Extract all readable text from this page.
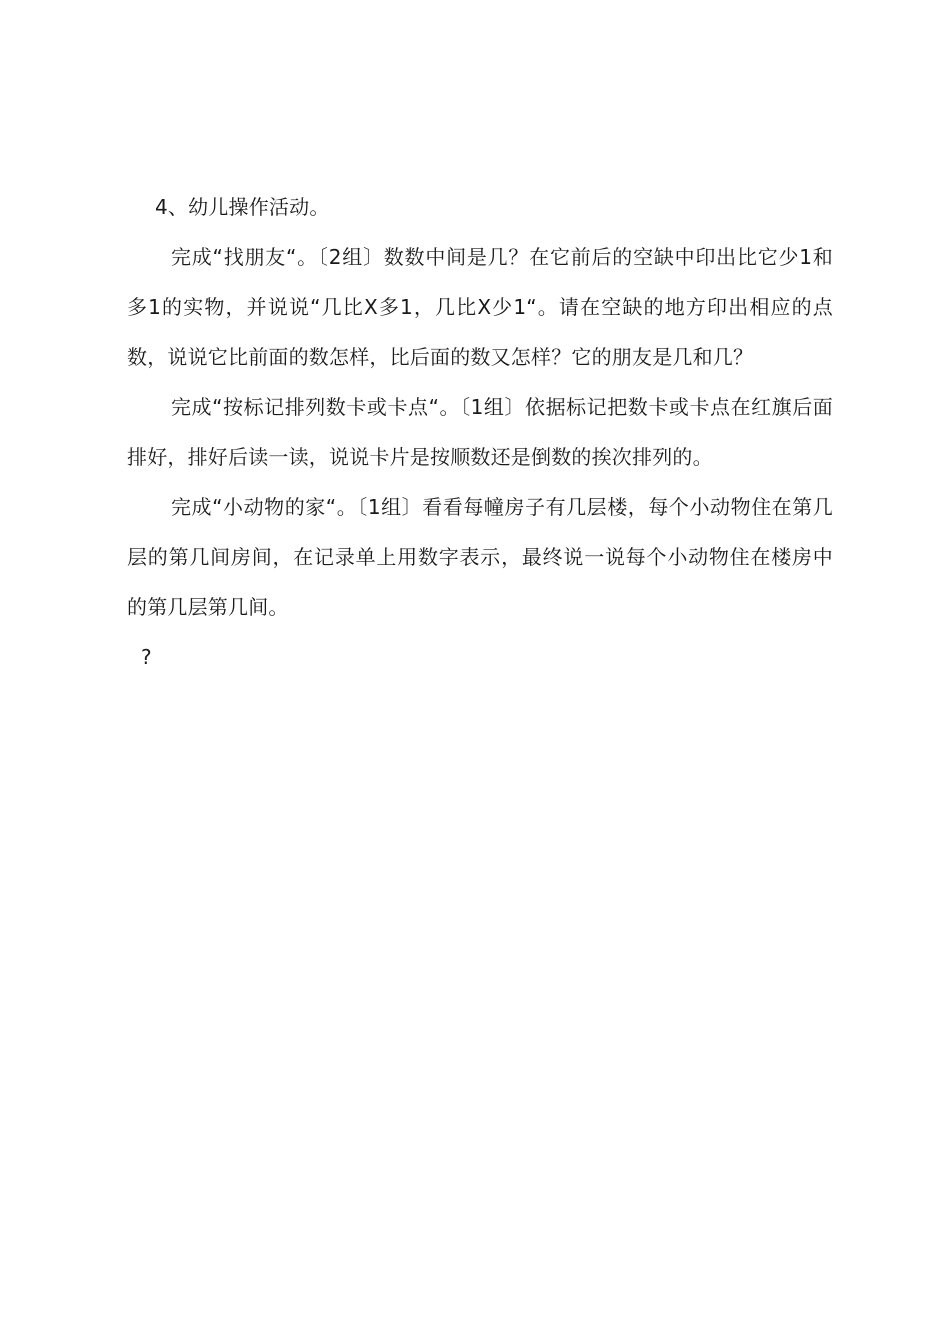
4、幼儿操作活动。

完成“找朋友“。〔2组〕数数中间是几？在它前后的空缺中印出比它少1和多1的实物，并说说“几比X多1，几比X少1“。请在空缺的地方印出相应的点数，说说它比前面的数怎样，比后面的数又怎样？它的朋友是几和几？

完成“按标记排列数卡或卡点“。〔1组〕依据标记把数卡或卡点在红旗后面排好，排好后读一读，说说卡片是按顺数还是倒数的挨次排列的。

完成“小动物的家“。〔1组〕看看每幢房子有几层楼，每个小动物住在第几层的第几间房间，在记录单上用数字表示，最终说一说每个小动物住在楼房中的第几层第几间。

?
